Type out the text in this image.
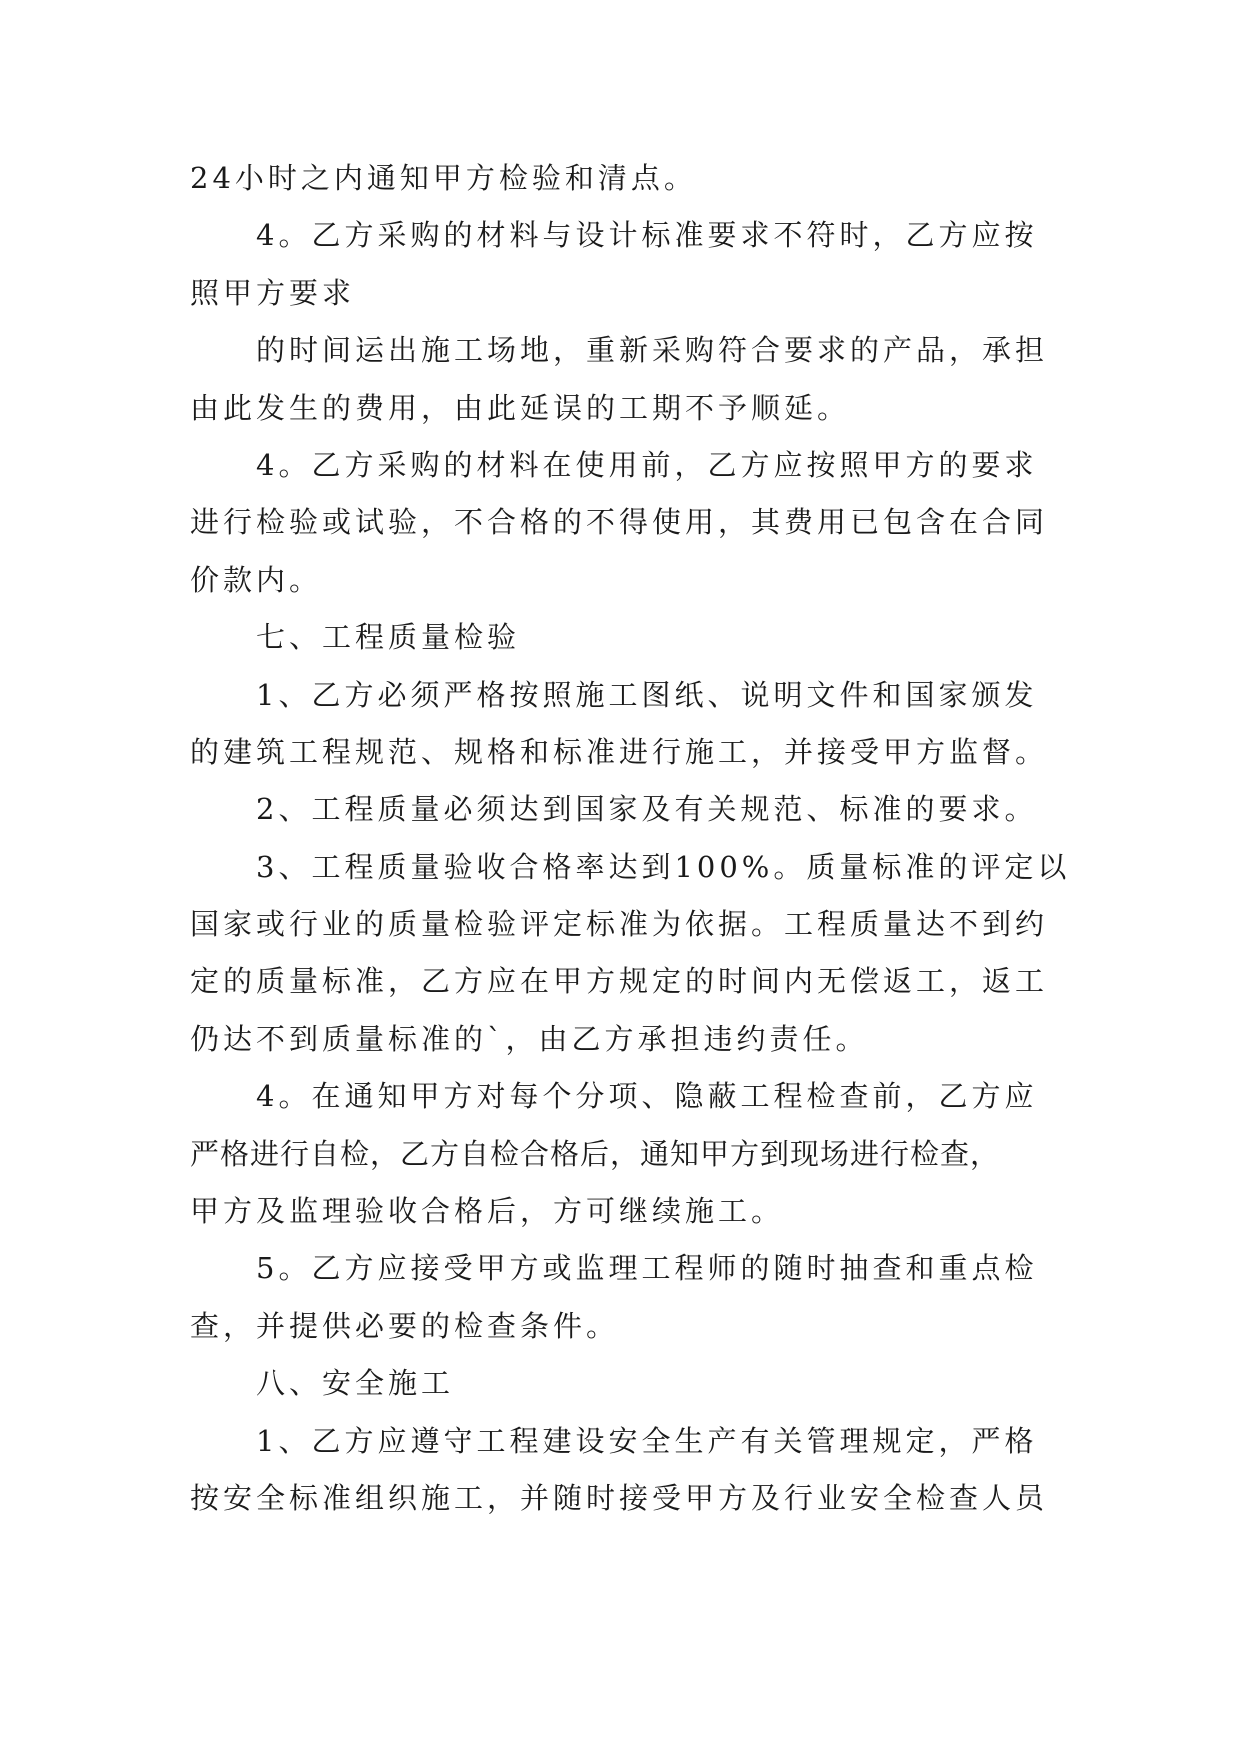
24小时之内通知甲方检验和清点。
4。乙方采购的材料与设计标准要求不符时，乙方应按
照甲方要求
的时间运出施工场地，重新采购符合要求的产品，承担
由此发生的费用，由此延误的工期不予顺延。
4。乙方采购的材料在使用前，乙方应按照甲方的要求
进行检验或试验，不合格的不得使用，其费用已包含在合同
价款内。
七、工程质量检验
1、乙方必须严格按照施工图纸、说明文件和国家颁发
的建筑工程规范、规格和标准进行施工，并接受甲方监督。
2、工程质量必须达到国家及有关规范、标准的要求。
3、工程质量验收合格率达到100%。质量标准的评定以
国家或行业的质量检验评定标准为依据。工程质量达不到约
定的质量标准，乙方应在甲方规定的时间内无偿返工，返工
仍达不到质量标准的`，由乙方承担违约责任。
4。在通知甲方对每个分项、隐蔽工程检查前，乙方应
严格进行自检，乙方自检合格后，通知甲方到现场进行检查，
甲方及监理验收合格后，方可继续施工。
5。乙方应接受甲方或监理工程师的随时抽查和重点检
查，并提供必要的检查条件。
八、安全施工
1、乙方应遵守工程建设安全生产有关管理规定，严格
按安全标准组织施工，并随时接受甲方及行业安全检查人员
